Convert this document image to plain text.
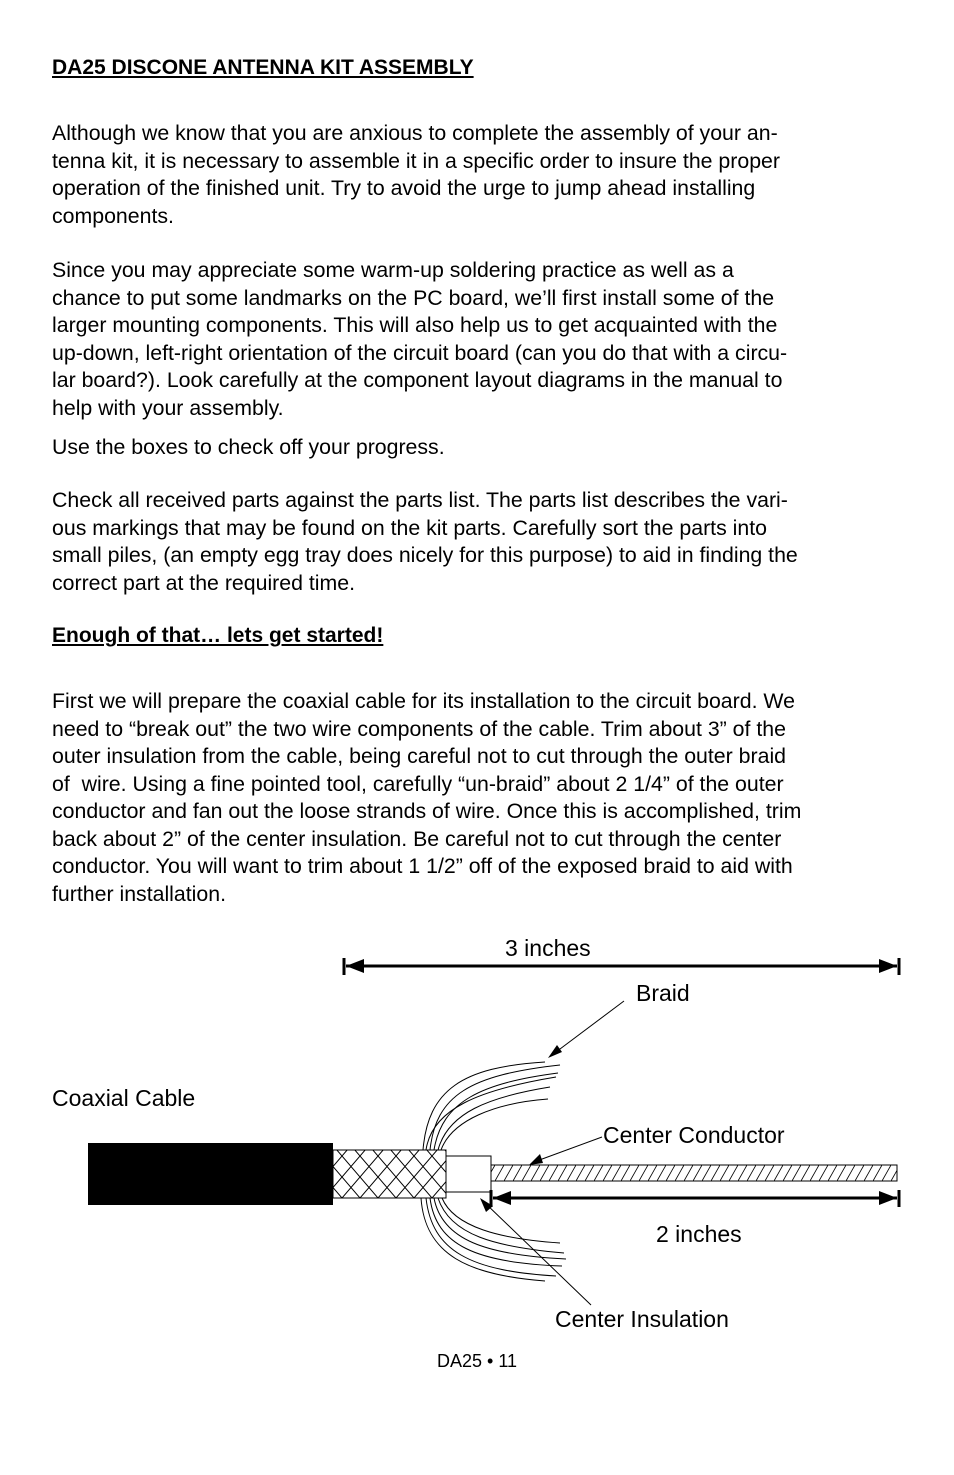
DA25 DISCONE ANTENNA KIT ASSEMBLY
Although we know that you are anxious to complete the assembly of your an-
tenna kit, it is necessary to assemble it in a specific order to insure the proper
operation of the finished unit. Try to avoid the urge to jump ahead installing
components.
Since you may appreciate some warm-up soldering practice as well as a
chance to put some landmarks on the PC board, we’ll first install some of the
larger mounting components. This will also help us to get acquainted with the
up-down, left-right orientation of the circuit board (can you do that with a circu-
lar board?). Look carefully at the component layout diagrams in the manual to
help with your assembly.
Use the boxes to check off your progress.
Check all received parts against the parts list. The parts list describes the vari-
ous markings that may be found on the kit parts. Carefully sort the parts into
small piles, (an empty egg tray does nicely for this purpose) to aid in finding the
correct part at the required time.
Enough of that… lets get started!
First we will prepare the coaxial cable for its installation to the circuit board. We
need to “break out” the two wire components of the cable. Trim about 3” of the
outer insulation from the cable, being careful not to cut through the outer braid
of  wire. Using a fine pointed tool, carefully “un-braid” about 2 1/4” of the outer
conductor and fan out the loose strands of wire. Once this is accomplished, trim
back about 2” of the center insulation. Be careful not to cut through the center
conductor. You will want to trim about 1 1/2” off of the exposed braid to aid with
further installation.
3 inches
Braid
Coaxial Cable
Center Conductor
2 inches
Center Insulation
DA25 • 11
